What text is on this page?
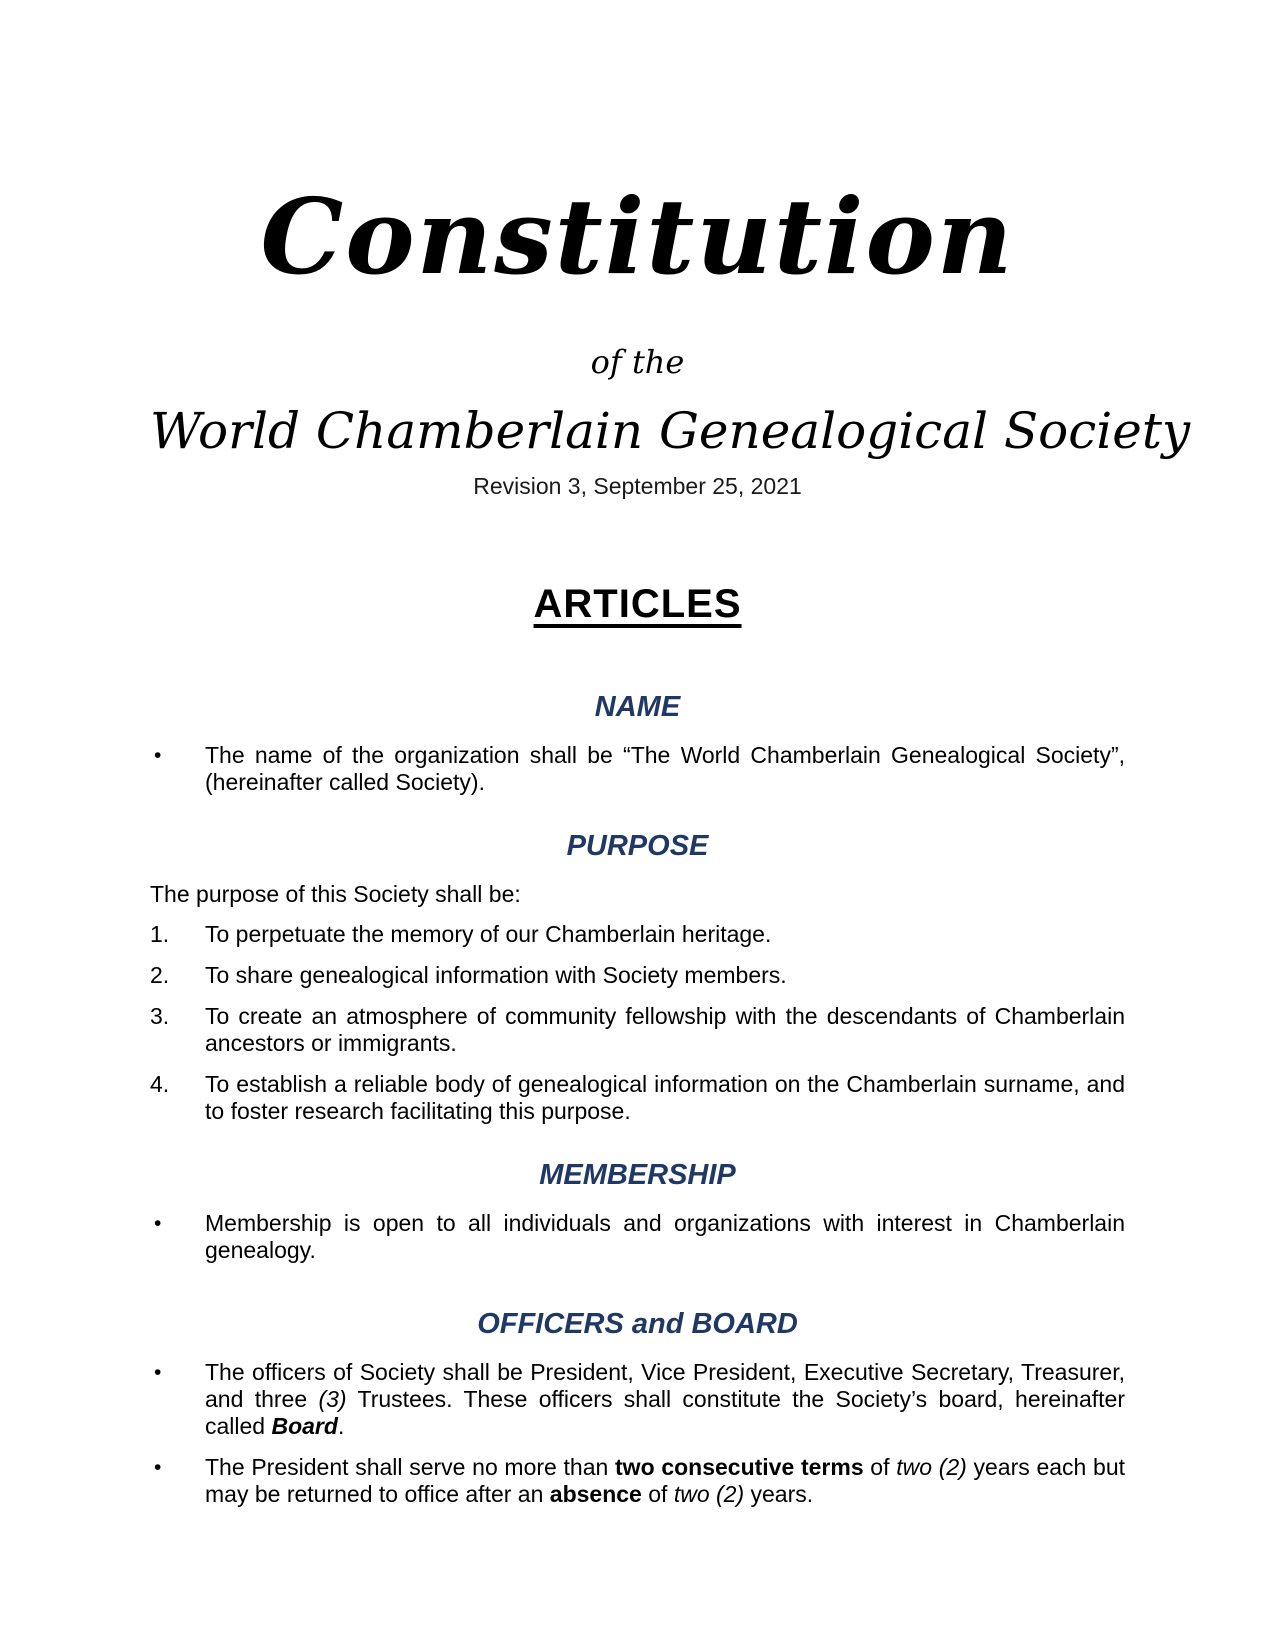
Constitution
of the
World Chamberlain Genealogical Society
Revision 3, September 25, 2021
ARTICLES
NAME
• The name of the organization shall be “The World Chamberlain Genealogical Society”, (hereinafter called Society).
PURPOSE

The purpose of this Society shall be:

1. To perpetuate the memory of our Chamberlain heritage.
2. To share genealogical information with Society members.
3. To create an atmosphere of community fellowship with the descendants of Chamberlain ancestors or immigrants.
4. To establish a reliable body of genealogical information on the Chamberlain surname, and to foster research facilitating this purpose.
MEMBERSHIP
• Membership is open to all individuals and organizations with interest in Chamberlain genealogy.
OFFICERS and BOARD
• The officers of Society shall be President, Vice President, Executive Secretary, Treasurer, and three (3) Trustees. These officers shall constitute the Society’s board, hereinafter called Board.
• The President shall serve no more than two consecutive terms of two (2) years each but may be returned to office after an absence of two (2) years.
